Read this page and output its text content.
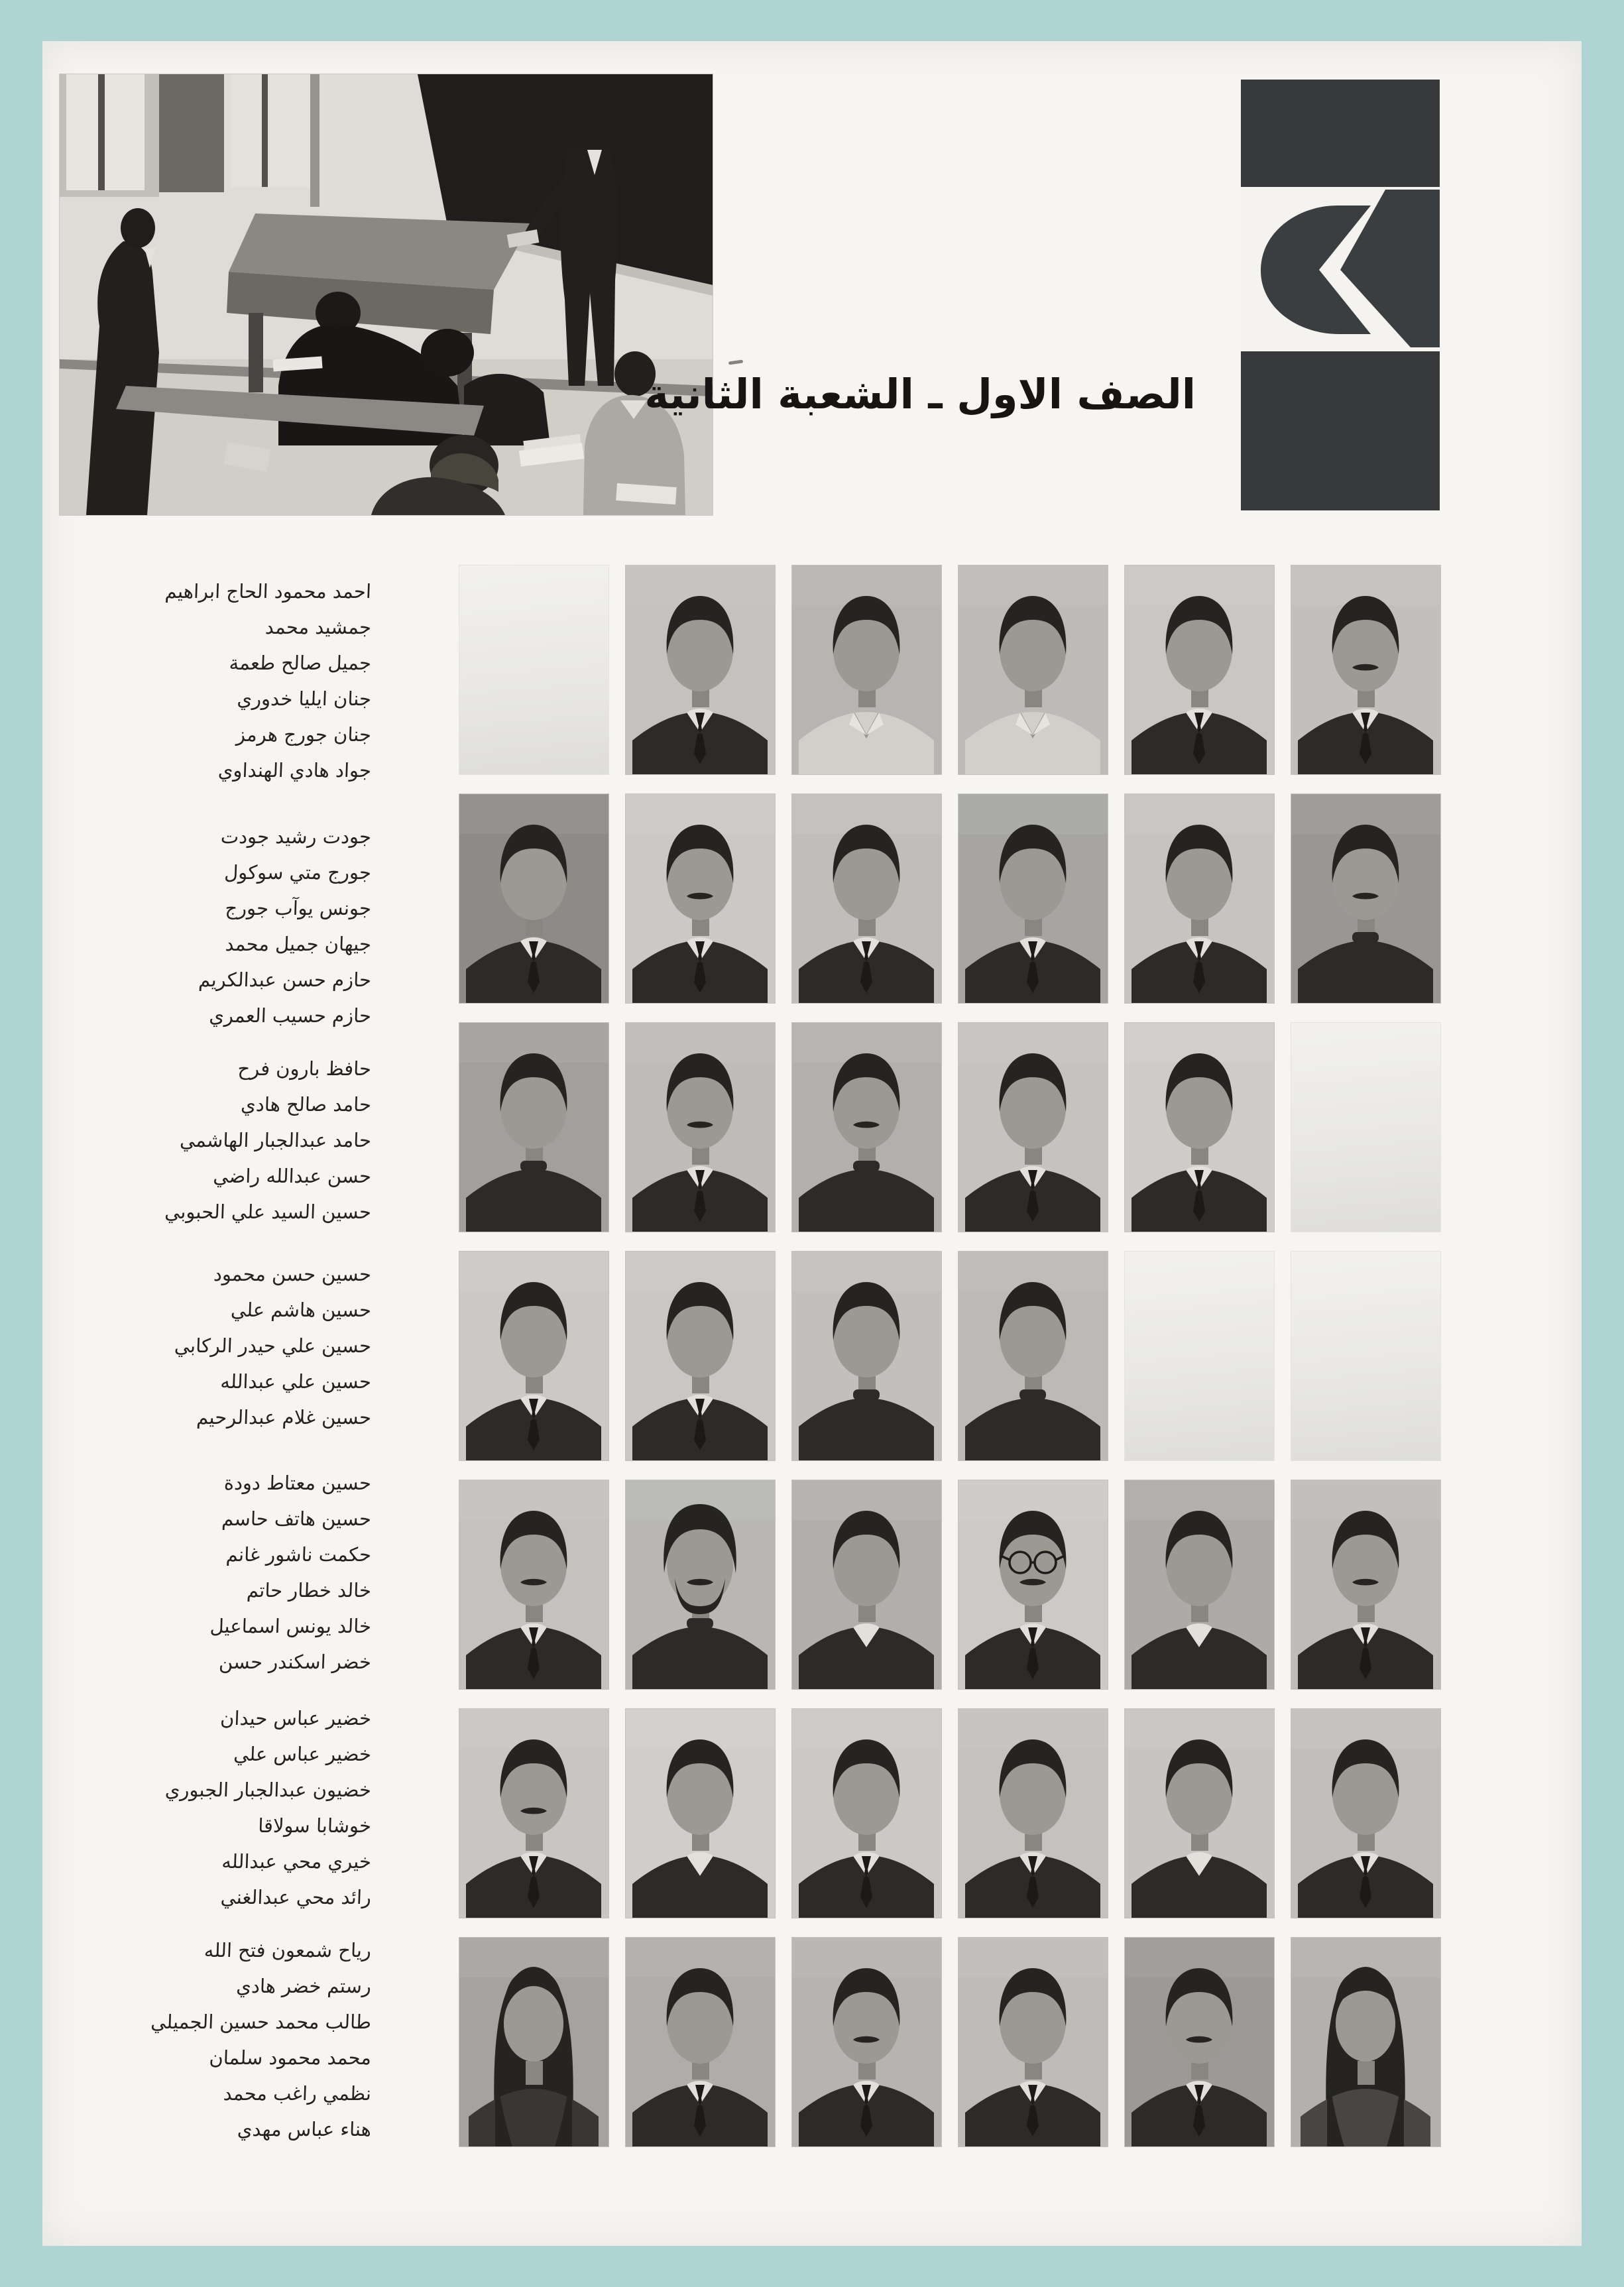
الصف الاول ـ الشعبة الثانية
احمد محمود الحاج ابراهيم
جمشيد محمد
جميل صالح طعمة
جنان ايليا خدوري
جنان جورج هرمز
جواد هادي الهنداوي
جودت رشيد جودت
جورج متي سوكول
جونس يوآب جورج
جيهان جميل محمد
حازم حسن عبدالكريم
حازم حسيب العمري
حافظ بارون فرح
حامد صالح هادي
حامد عبدالجبار الهاشمي
حسن عبدالله راضي
حسين السيد علي الحبوبي
حسين حسن محمود
حسين هاشم علي
حسين علي حيدر الركابي
حسين علي عبدالله
حسين غلام عبدالرحيم
حسين معتاط دودة
حسين هاتف حاسم
حكمت ناشور غانم
خالد خطار حاتم
خالد يونس اسماعيل
خضر اسكندر حسن
خضير عباس حيدان
خضير عباس علي
خضيون عبدالجبار الجبوري
خوشابا سولاقا
خيري محي عبدالله
رائد محي عبدالغني
رياح شمعون فتح الله
رستم خضر هادي
طالب محمد حسين الجميلي
محمد محمود سلمان
نظمي راغب محمد
هناء عباس مهدي
